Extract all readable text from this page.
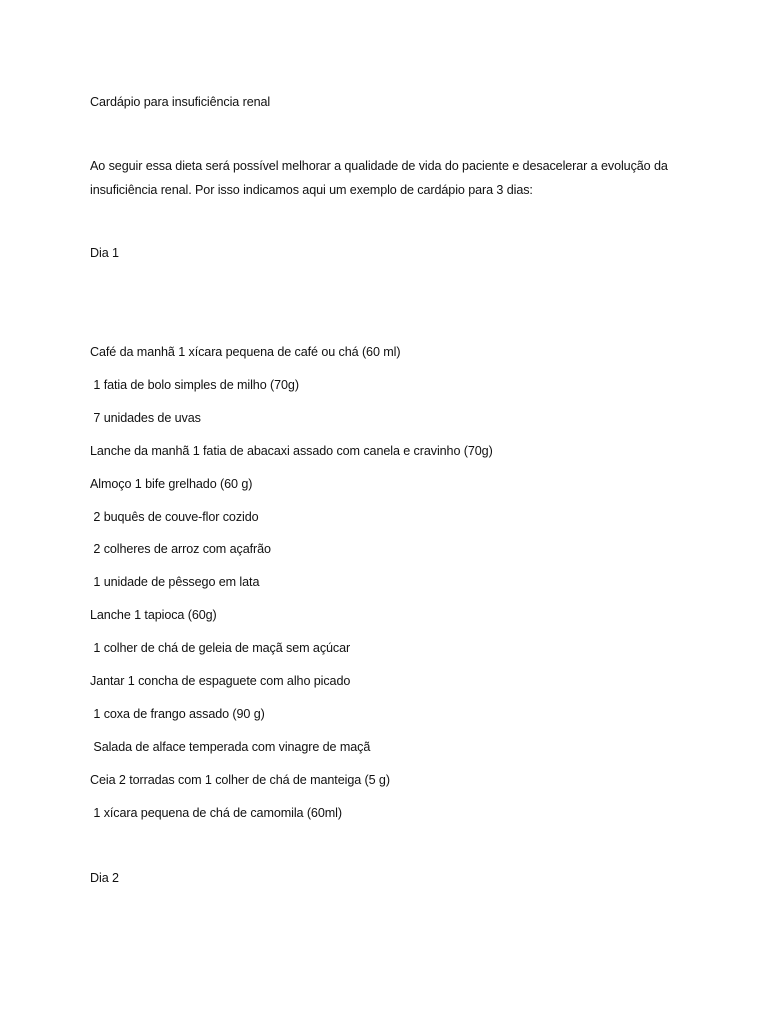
Cardápio para insuficiência renal

Ao seguir essa dieta será possível melhorar a qualidade de vida do paciente e desacelerar a evolução da

insuficiência renal. Por isso indicamos aqui um exemplo de cardápio para 3 dias:

Dia 1

Café da manhã 1 xícara pequena de café ou chá (60 ml)

1 fatia de bolo simples de milho (70g)

7 unidades de uvas

Lanche da manhã 1 fatia de abacaxi assado com canela e cravinho (70g)

Almoço 1 bife grelhado (60 g)

2 buquês de couve-flor cozido

2 colheres de arroz com açafrão

1 unidade de pêssego em lata

Lanche 1 tapioca (60g)

1 colher de chá de geleia de maçã sem açúcar

Jantar 1 concha de espaguete com alho picado

1 coxa de frango assado (90 g)

Salada de alface temperada com vinagre de maçã

Ceia 2 torradas com 1 colher de chá de manteiga (5 g)

1 xícara pequena de chá de camomila (60ml)

Dia 2
